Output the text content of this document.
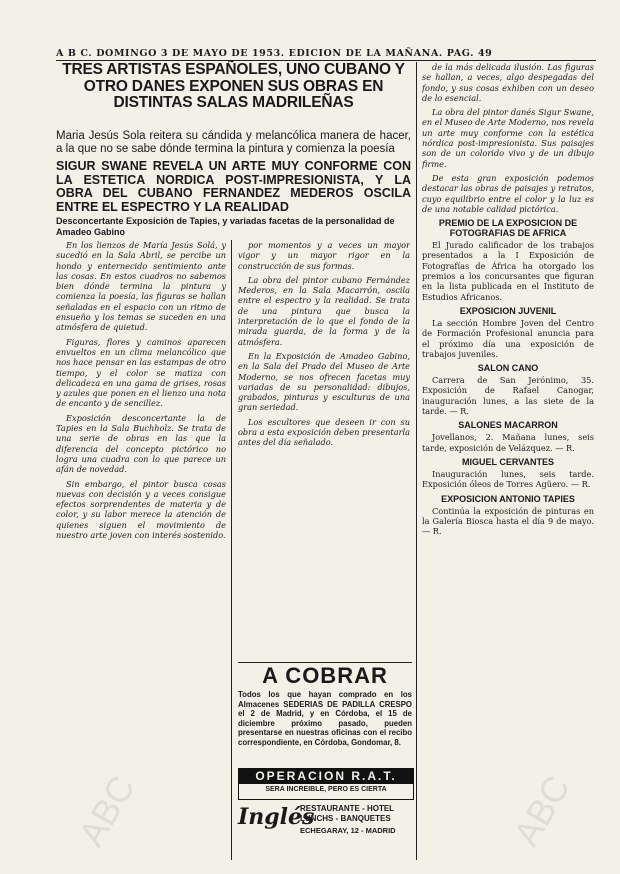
A B C. DOMINGO 3 DE MAYO DE 1953. EDICION DE LA MAÑANA. PAG. 49
TRES ARTISTAS ESPAÑOLES, UNO CUBANO Y OTRO DANES EXPONEN SUS OBRAS EN DISTINTAS SALAS MADRILEÑAS
Maria Jesús Sola reitera su cándida y melancólica manera de hacer, a la que no se sabe dónde termina la pintura y comienza la poesía
SIGUR SWANE REVELA UN ARTE MUY CONFORME CON LA ESTETICA NORDICA POST-IMPRESIONISTA, Y LA OBRA DEL CUBANO FERNANDEZ MEDEROS OSCILA ENTRE EL ESPECTRO Y LA REALIDAD
Desconcertante Exposición de Tapies, y variadas facetas de la personalidad de Amadeo Gabino

En los lienzos de María Jesús Solá, y sucedió en la Sala Abril, se percibe un hondo y enternecido sentimiento ante las cosas. En estos cuadros no sabemos bien dónde termina la pintura y comienza la poesía, las figuras se hallan señaladas en el espacio con un ritmo de ensueño y los temas se suceden en una atmósfera de quietud.

Figuras, flores y caminos aparecen envueltos en un clima melancólico que nos hace pensar en las estampas de otro tiempo, y el color se matiza con delicadeza en una gama de grises, rosas y azules que ponen en el lienzo una nota de encanto y de sencillez.

Exposición desconcertante la de Tapies en la Sala Buchholz. Se trata de una serie de obras en las que la diferencia del concepto pictórico no logra una cuadra con lo que parece un afán de novedad.

Sin embargo, el pintor busca cosas nuevas con decisión y a veces consigue efectos sorprendentes de materia y de color, y su labor merece la atención de quienes siguen el movimiento de nuestro arte joven con interés sostenido.

por momentos y a veces un mayor vigor y un mayor rigor en la construcción de sus formas.

La obra del pintor cubano Fernández Mederos, en la Sala Macarrón, oscila entre el espectro y la realidad. Se trata de una pintura que busca la interpretación de lo que el fondo de la mirada guarda, de la forma y de la atmósfera.

En la Exposición de Amadeo Gabino, en la Sala del Prado del Museo de Arte Moderno, se nos ofrecen facetas muy variadas de su personalidad: dibujos, grabados, pinturas y esculturas de una gran seriedad.

Los escultores que deseen ir con su obra a esta exposición deben presentarla antes del día señalado.

A COBRAR
Todos los que hayan comprado en los Almacenes SEDERIAS DE PADILLA CRESPO el 2 de Madrid, y en Córdoba, el 15 de diciembre próximo pasado, pueden presentarse en nuestras oficinas con el recibo correspondiente, en Córdoba, Gondomar, 8.
OPERACION R.A.T.
SERA INCREIBLE, PERO ES CIERTA
Inglés
RESTAURANTE - HOTEL
LUNCHS - BANQUETES
ECHEGARAY, 12 - MADRID

de la más delicada ilusión. Las figuras se hallan, a veces, algo despegadas del fondo, y sus cosas exhiben con un deseo de lo esencial.

La obra del pintor danés Sigur Swane, en el Museo de Arte Moderno, nos revela un arte muy conforme con la estética nórdica post-impresionista. Sus paisajes son de un colorido vivo y de un dibujo firme.

De esta gran exposición podemos destacar las obras de paisajes y retratos, cuyo equilibrio entre el color y la luz es de una notable calidad pictórica.

PREMIO DE LA EXPOSICION DE FOTOGRAFIAS DE AFRICA

El Jurado calificador de los trabajos presentados a la I Exposición de Fotografías de África ha otorgado los premios a los concursantes que figuran en la lista publicada en el Instituto de Estudios Africanos.

EXPOSICION JUVENIL

La sección Hombre Joven del Centro de Formación Profesional anuncia para el próximo día una exposición de trabajos juveniles.

SALON CANO

Carrera de San Jerónimo, 35. Exposición de Rafael Canogar, inauguración lunes, a las siete de la tarde. — R.

SALONES MACARRON

Jovellanos, 2. Mañana lunes, seis tarde, exposición de Velázquez. — R.

MIGUEL CERVANTES

Inauguración lunes, seis tarde. Exposición óleos de Torres Agüero. — R.

EXPOSICION ANTONIO TAPIES

Continúa la exposición de pinturas en la Galería Biosca hasta el día 9 de mayo. — R.

ABC	ABC
